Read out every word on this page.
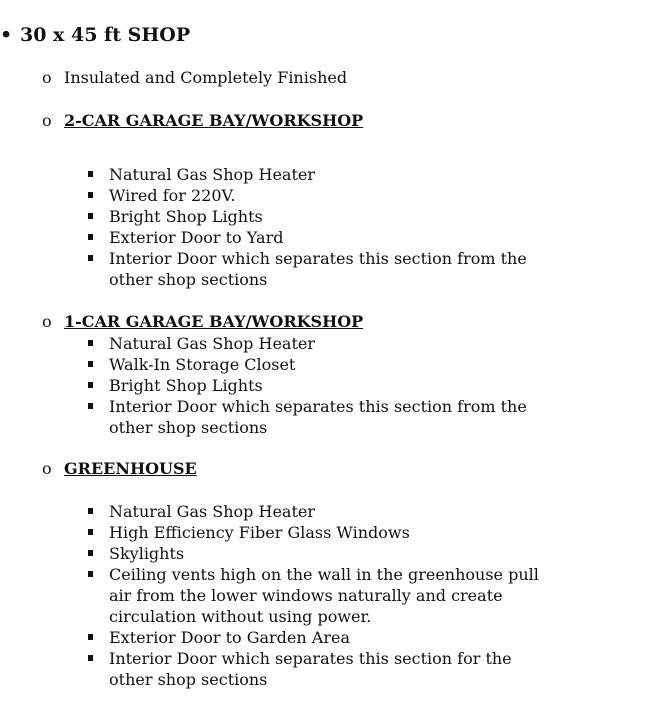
• 30 x 45 ft SHOP
o Insulated and Completely Finished
o 2-CAR GARAGE BAY/WORKSHOP
Natural Gas Shop Heater
Wired for 220V.
Bright Shop Lights
Exterior Door to Yard
Interior Door which separates this section from the other shop sections
o 1-CAR GARAGE BAY/WORKSHOP
Natural Gas Shop Heater
Walk-In Storage Closet
Bright Shop Lights
Interior Door which separates this section from the other shop sections
o GREENHOUSE
Natural Gas Shop Heater
High Efficiency Fiber Glass Windows
Skylights
Ceiling vents high on the wall in the greenhouse pull air from the lower windows naturally and create circulation without using power.
Exterior Door to Garden Area
Interior Door which separates this section for the other shop sections
